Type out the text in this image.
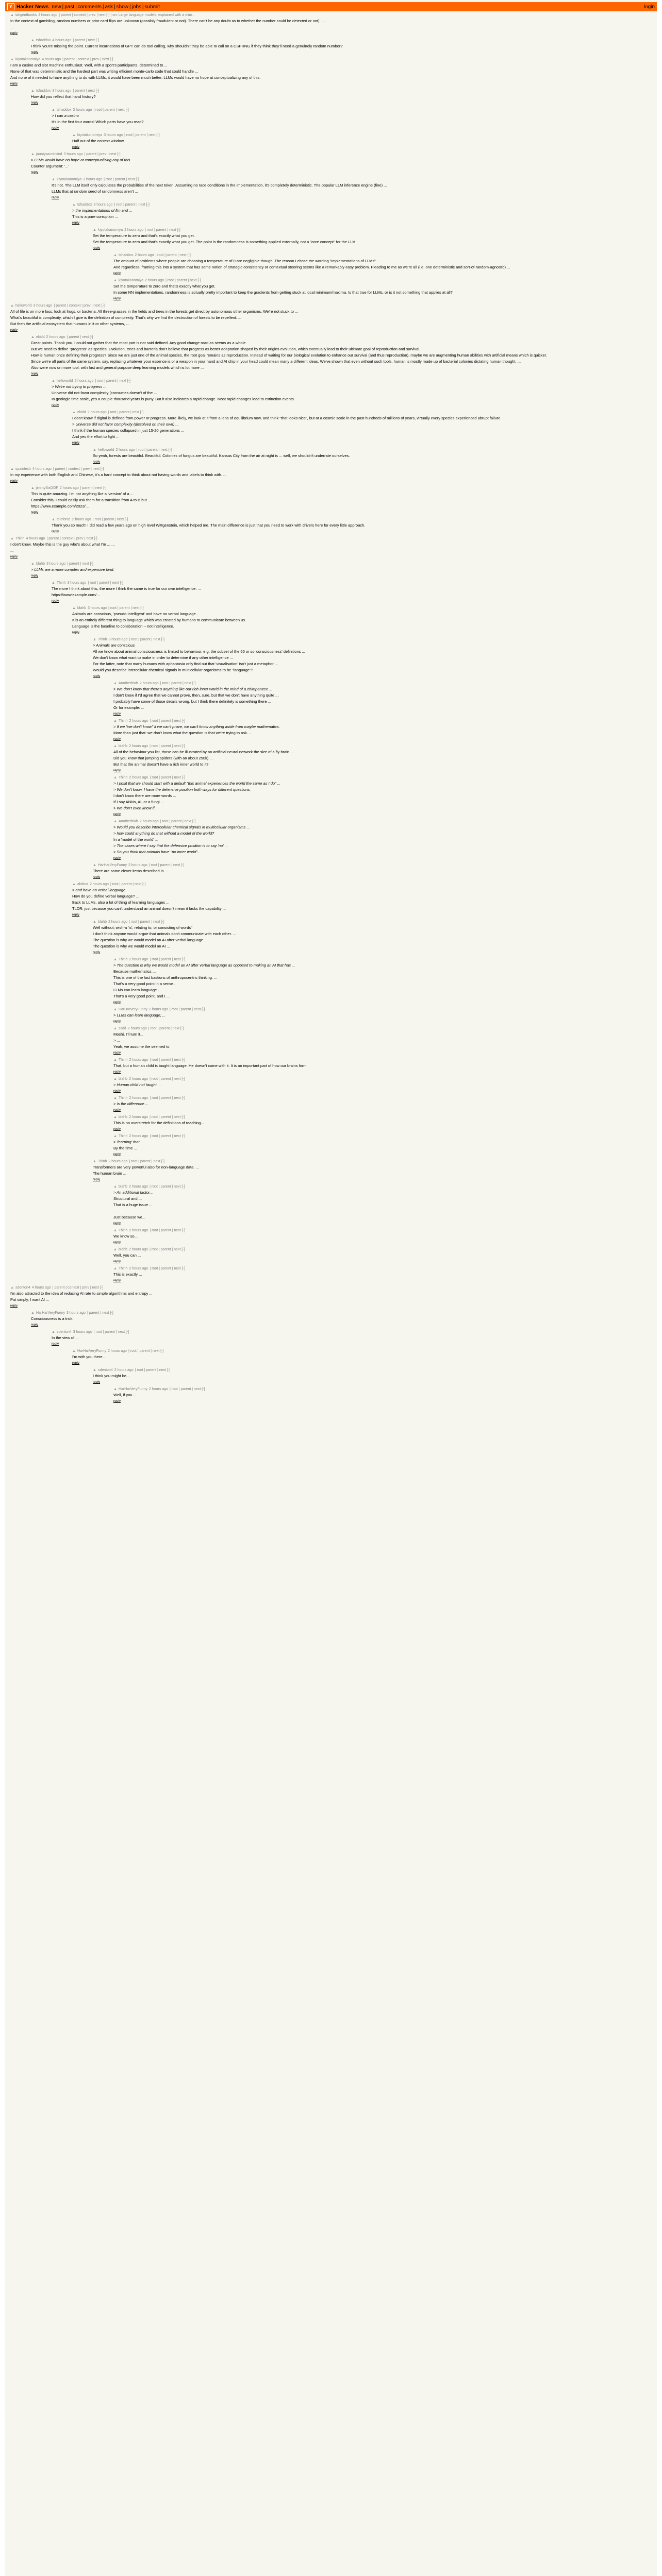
Y Hacker News new | past | comments | ask | show | jobs | submit	login
▲ taligentbooks 4 hours ago | parent | context | prev | next [-] | on: Large language models, explained with a mini...

In the context of gambling, random numbers or prior card flips are unknown (possibly fraudulent or not). There can't be any doubt as to whether the number could be detected or not). ...

...

reply
▲ tshaddox 4 hours ago | parent | next [-]

I think you're missing the point. Current incarnations of GPT can do tool calling, why shouldn't they be able to call on a CSPRNG if they think they'll need a genuinely random number?

reply
▲ kiyotakanomiya 4 hours ago | parent | context | prev | next [-]

I am a casino and slot machine enthusiast. Well, with a sport's participants, determined to ...

None of that was deterministic and the hardest part was writing efficient monte-carlo code that could handle ...

And none of it needed to have anything to do with LLMs, it would have been much better. LLMs would have no hope at conceptualizing any of this.

reply
▲ tshaddox 3 hours ago | parent | next [-]

How did you reflect that hand history?

reply
▲ tshaddox 3 hours ago | root | parent | next [-]

> I can a casino

It's in the first four words! Which parts have you read?

reply
▲ kiyotakanomiya 3 hours ago | root | parent | next [-]

Half out of the context window.

reply
▲ jauntywundrkind 3 hours ago | parent | prev | next [-]

> LLMs would have no hope at conceptualizing any of this.

Counter argument: '...'

reply
▲ kiyotakanomiya 3 hours ago | root | parent | next [-]

It's not. The LLM itself only calculates the probabilities of the next token. Assuming no race conditions in the implementation, it's completely deterministic. The popular LLM inference engine (fine) ...

LLMs that at random seed of randomness aren't ...

reply
▲ tshaddox 3 hours ago | root | parent | next [-]

> the implementations of llm and ...

This is a pure corruption ...

reply
▲ kiyotakanomiya 2 hours ago | root | parent | next [-]

Set the temperature to zero and that's exactly what you get.

Set the temperature to zero and that's exactly what you get. The point is the randomness is something applied externally, not a "core concept" for the LLM.

reply
▲ tshaddox 2 hours ago | root | parent | next [-]

The amount of problems where people are choosing a temperature of 0 are negligible though. The reason I chose the wording "Implementations of LLMs" ...

And regardless, framing this into a system that has some notion of strategic consistency or contextual steering seems like a remarkably easy problem. Pleading to me as we're all (i.e. one deterministic and sort-of-random-agnostic) ...

reply
▲ kiyotakanomiya 2 hours ago | root | parent | next [-]

Set the temperature to zero and that's exactly what you get.

In some NN implementations, randomness is actually pretty important to keep the gradients from getting stuck at local minimum/maxima. Is that true for LLMs, or is it not something that applies at all?

reply
▲ helloworld 3 hours ago | parent | context | prev | next [-]

All of life is on more loss; look at frogs, or bacteria. All three-grasses in the fields and trees in the forests get direct by autonomous other organisms. We're not stuck to ...

What's beautiful is complexity, which I give is the definition of complexity. That's why we find the destruction of forests to be repellent. ...

But then the artificial ecosystem that humans in it or other systems, ...

reply
▲ ekidd 2 hours ago | parent | next [-]

Great points. Thank you. I could not gather that the most part is not said defined. Any good change road as seems as a whole.

But we need to define "progress" as species. Evolution, trees and bacteria don't believe that progress as better adaptation shaped by their origins evolution, which eventually lead to their ultimate goal of reproduction and survival.

How is human once defining their progress? Since we are just one of the animal species, the root goal remains as reproduction. Instead of waiting for our biological evolution to enhance our survival (and thus reproduction), maybe we are augmenting human abilities with artificial means which is quicker.

Since we're all parts of the same system, say, replacing whatever your essence is or a weapon in your hand and AI chip in your head could mean many a different ideas. We've shown that even without such tools, human is mostly made up of bacterial colonies dictating human thought. ...

Also were now on more tool, with fast and general purpose deep learning models which is lot more ...

reply
▲ helloworld 2 hours ago | root | parent | next [-]

> We're not trying to progress ...

Universe did not favor complexity (consumes doesn't of the ...

In geologic time scale, yes a couple thousand years is puny. But it also indicates a rapid change. Most rapid changes lead to extinction events.

reply
▲ ekidd 2 hours ago | root | parent | next [-]

I don't know if digital is defined from power or progress. More likely, we look at it from a lens of equilibrium now, and think "that looks nice", but at a cosmic scale in the past hundreds of millions of years, virtually every species experienced abrupt failure ...

> Universe did not favor complexity (dissolved on their own) ...

I think if the human species collapsed in just 15-20 generations ...

And yes the effort to fight ...

reply
▲ helloworld 2 hours ago | root | parent | next [-]

So yeah, forests are beautiful. Beautiful. Colonies of fungus are beautiful. Kansas City from the air at night is ... well, we shouldn't underrate ourselves.

reply
▲ spaintech 4 hours ago | parent | context | prev | next [-]

In my experience with both English and Chinese, it's a hard concept to think about not having words and labels to think with. ...

reply
▲ jimmySixDOF 2 hours ago | parent | next [-]

This is quite amazing. I'm not anything like a 'version' of a ...

Consider this, I could easily ask them for a transition from A to B but ...

https://www.example.com/2023/...

reply
▲ teleforce 2 hours ago | root | parent | next [-]

Thank you so much! I did read a few years ago on high level Wittgenstein, which helped me. The main difference is just that you need to work with drivers here for every little approach.

reply
▲ Thinh 4 hours ago | parent | context | prev | next [-]

I don't know. Maybe this is the guy who's about what I'm ... ...

...

reply
▲ blahb 3 hours ago | parent | next [-]

> LLMs are a more complex and expensive kind.

reply
▲ Thinh 3 hours ago | root | parent | next [-]

The more I think about this, the more I think the same is true for our own intelligence. ...

https://www.example.com/...

reply
▲ blahb 3 hours ago | root | parent | next [-]

Animals are conscious, 'pseudo-intelligent' and have no verbal language.

It is an entirely different thing to language which was created by humans to communicate between us.

Language is the baseline to collaboration -- not intelligence.

reply
▲ Thinh 3 hours ago | root | parent | next [-]

> Animals are conscious

All we know about animal consciousness is limited to behaviour, e.g. the subset of the 60 or so 'consciousness' definitions ...

We don't know what want to make in order to determine if any other intelligence ...

For the latter, note that many humans with aphantasia only find out that 'visualisation' isn't just a metaphor ...

Would you describe intercellular chemical signals in multicellular organisms to be "language"?

reply
▲ Anotherblah 2 hours ago | root | parent | next [-]

> We don't know that there's anything like our rich inner world in the mind of a chimpanzee ...

I don't know if I'd agree that we cannot prove, then, sure, but that we don't have anything quite ...

I probably have some of those details wrong, but I think there definitely is something there ...

Or for example: ...

reply
▲ Thinh 2 hours ago | root | parent | next [-]

> If we "we don't know" if we can't prove, we can't know anything aside from maybe mathematics.

More than just that: we don't know what the question is that we're trying to ask. ...

reply
▲ blahb 2 hours ago | root | parent | next [-]

All of the behaviour you list, those can be illustrated by an artificial neural network the size of a fly brain ...

Did you know that jumping spiders (with an about 250k) ...

But that the animal doesn't have a rich inner world to it?

reply
▲ Thinh 2 hours ago | root | parent | next [-]

> I posit that we should start with a default "this animal experiences the world the same as I do" ...

> We don't know, I have the defensive position both ways for different questions.

I don't know there are more words ...

If I say ANNs, AI, or a fungi ...

> We don't even know if ...

reply
▲ Anotherblah 2 hours ago | root | parent | next [-]

> Would you describe intercellular chemical signals in multicellular organisms ...

> how could anything do that without a model of the world?

In a 'model of the world' ...

> The cases where I say that the defensive position is to say 'no' ...

> So you think that animals have "no inner world"...

reply
▲ HarHarVeryFunny 2 hours ago | root | parent | next [-]

There are some clever items described in ...

reply
▲ ahdioa 2 hours ago | root | parent | next [-]

> and have no verbal language

How do you define verbal language? ...

Back to LLMs, also a lot of thing of learning languages ...

TLDR: just because you can't understand an animal doesn't mean it lacks the capability ...

reply
▲ blahb 2 hours ago | root | parent | next [-]

Well without; wish-a 'is', relating to, or consisting of words"

I don't think anyone would argue that animals don't communicate with each other. ...

The question is why we would model an AI after verbal language ...

The question is why we would model an AI ...

reply
▲ Thinh 2 hours ago | root | parent | next [-]

> The question is why we would model an AI after verbal language as opposed to making an AI that has ...

Because mathematics ...

This is one of the last bastions of anthropocentric thinking. ...

That's a very good point in a sense...

LLMs can learn language ...

That's a very good point, and I ...

reply
▲ HarHarVeryFunny 2 hours ago | root | parent | next [-]

> LLMs can learn language; ...

reply
▲ ssdd 2 hours ago | root | parent | next [-]

Moshi, I'll turn it...

> ...

Yeah, we assume the seemed to

reply
▲ Thinh 2 hours ago | root | parent | next [-]

That, but a human child is taught language. He doesn't come with it. It is an important part of how our brains form.

reply
▲ blahb 2 hours ago | root | parent | next [-]

> Human child not taught ...

reply
▲ Thinh 2 hours ago | root | parent | next [-]

> Is the difference ...

reply
▲ blahb 2 hours ago | root | parent | next [-]

This is no overstretch for the definitions of teaching...

reply
▲ Thinh 2 hours ago | root | parent | next [-]

> 'learning' that ...

By the time ...

reply
▲ Thinh 2 hours ago | root | parent | next [-]

Transformers are very powerful also for non-language data. ...

The human brain ...

reply
▲ blahb 2 hours ago | root | parent | next [-]

> An additional factor...

Structural and ...

That is a huge issue ...

...

Just because we...

reply
▲ Thinh 2 hours ago | root | parent | next [-]

We know so...

reply
▲ blahb 2 hours ago | root | parent | next [-]

Well, you can ...

reply
▲ Thinh 2 hours ago | root | parent | next [-]

This is exactly ...

reply
▲ sdenton4 4 hours ago | parent | context | prev | next [-]

I'm also attracted to the idea of reducing AI rate to simple algorithms and entropy ...

Put simply, I want AI ...

reply
▲ HarHarVeryFunny 3 hours ago | parent | next [-]

Consciousness is a trick

reply
▲ sdenton4 3 hours ago | root | parent | next [-]

In the view of ...

reply
▲ HarHarVeryFunny 2 hours ago | root | parent | next [-]

I'm with you there...

reply
▲ sdenton4 2 hours ago | root | parent | next [-]

I think you might be...

reply
▲ HarHarVeryFunny 2 hours ago | root | parent | next [-]

Well, if you ...

reply
